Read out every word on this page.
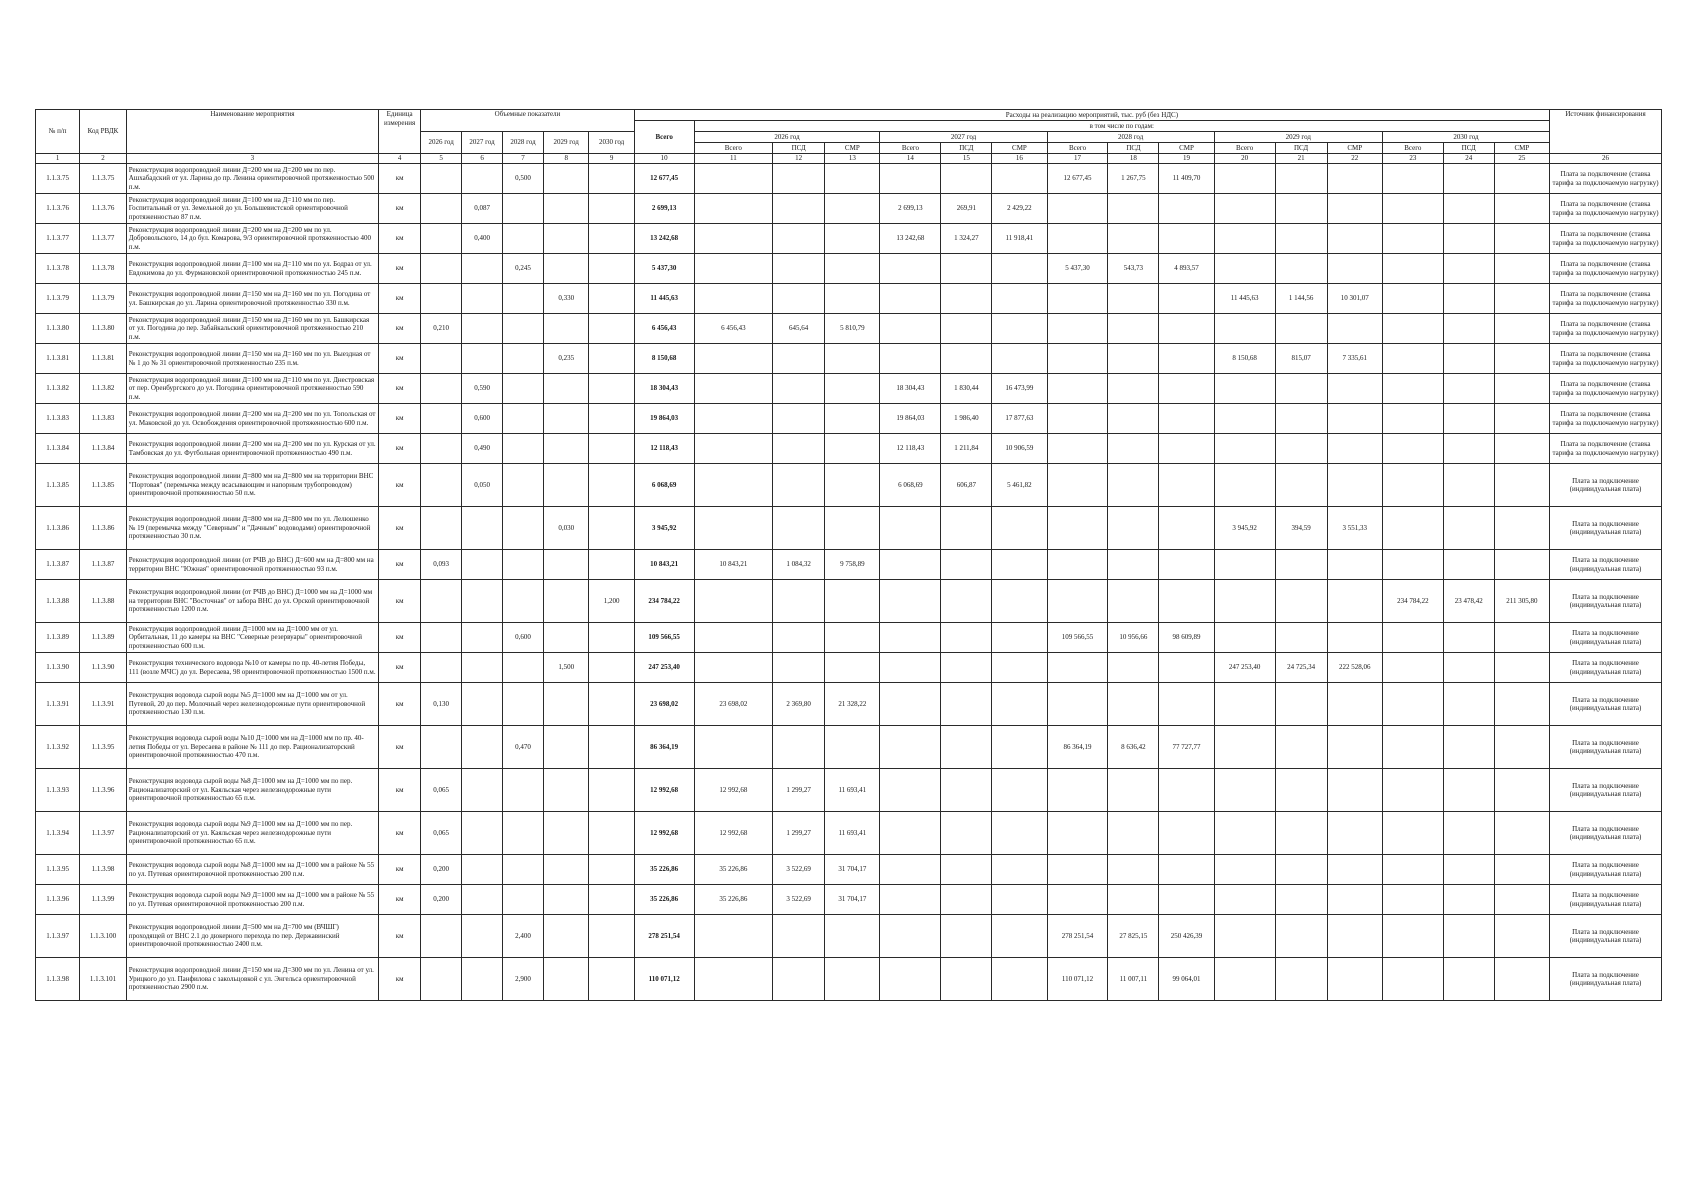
№ п/п	Код РВДК	Наименование мероприятия	Единица измерения	Объемные показатели					Расходы на реализацию мероприятий, тыс. руб (без НДС)																Источник финансирования
									Всего	в том числе по годам:															
				2026 год	2027 год	2028 год	2029 год	2030 год		2026 год			2027 год			2028 год			2029 год			2030 год			
										Всего	ПСД	СМР	Всего	ПСД	СМР	Всего	ПСД	СМР	Всего	ПСД	СМР	Всего	ПСД	СМР	
1	2	3	4	5	6	7	8	9	10	11	12	13	14	15	16	17	18	19	20	21	22	23	24	25	26
1.1.3.75	1.1.3.75	Реконструкция водопроводной линии Д=200 мм на Д=200 мм по пер. Ашхабадский от ул. Ларина до пр. Ленина ориентировочной протяженностью 500 п.м.	км			0,500			12 677,45							12 677,45	1 267,75	11 409,70							Плата за подключение (ставка тарифа за подключаемую нагрузку)
1.1.3.76	1.1.3.76	Реконструкция водопроводной линии Д=100 мм на Д=110 мм по пер. Госпитальный от ул. Земельной до ул. Большевистской ориентировочной протяженностью 87 п.м.	км		0,087				2 699,13				2 699,13	269,91	2 429,22										Плата за подключение (ставка тарифа за подключаемую нагрузку)
1.1.3.77	1.1.3.77	Реконструкция водопроводной линии Д=200 мм на Д=200 мм по ул. Добровольского, 14 до бул. Комарова, 9/3 ориентировочной протяженностью 400 п.м.	км		0,400				13 242,68				13 242,68	1 324,27	11 918,41										Плата за подключение (ставка тарифа за подключаемую нагрузку)
1.1.3.78	1.1.3.78	Реконструкция водопроводной линии Д=100 мм на Д=110 мм по ул. Бодраз от ул. Евдокимова до ул. Фурмановской ориентировочной протяженностью 245 п.м.	км			0,245			5 437,30							5 437,30	543,73	4 893,57							Плата за подключение (ставка тарифа за подключаемую нагрузку)
1.1.3.79	1.1.3.79	Реконструкция водопроводной линии Д=150 мм на Д=160 мм по ул. Погодина от ул. Башкирская до ул. Ларина ориентировочной протяженностью 330 п.м.	км				0,330		11 445,63										11 445,63	1 144,56	10 301,07				Плата за подключение (ставка тарифа за подключаемую нагрузку)
1.1.3.80	1.1.3.80	Реконструкция водопроводной линии Д=150 мм на Д=160 мм по ул. Башкирская от ул. Погодина до пер. Забайкальский ориентировочной протяженностью 210 п.м.	км	0,210					6 456,43	6 456,43	645,64	5 810,79													Плата за подключение (ставка тарифа за подключаемую нагрузку)
1.1.3.81	1.1.3.81	Реконструкция водопроводной линии Д=150 мм на Д=160 мм по ул. Выездная от № 1 до № 31 ориентировочной протяженностью 235 п.м.	км				0,235		8 150,68										8 150,68	815,07	7 335,61				Плата за подключение (ставка тарифа за подключаемую нагрузку)
1.1.3.82	1.1.3.82	Реконструкция водопроводной линии Д=100 мм на Д=110 мм по ул. Днестровская от пер. Оренбургского до ул. Погодина ориентировочной протяженностью 590 п.м.	км		0,590				18 304,43				18 304,43	1 830,44	16 473,99										Плата за подключение (ставка тарифа за подключаемую нагрузку)
1.1.3.83	1.1.3.83	Реконструкция водопроводной линии Д=200 мм на Д=200 мм по ул. Топольская от ул. Маковской до ул. Освобождения ориентировочной протяженностью 600 п.м.	км		0,600				19 864,03				19 864,03	1 986,40	17 877,63										Плата за подключение (ставка тарифа за подключаемую нагрузку)
1.1.3.84	1.1.3.84	Реконструкция водопроводной линии Д=200 мм на Д=200 мм по ул. Курская от ул. Тамбовская до ул. Футбольная ориентировочной протяженностью 490 п.м.	км		0,490				12 118,43				12 118,43	1 211,84	10 906,59										Плата за подключение (ставка тарифа за подключаемую нагрузку)
1.1.3.85	1.1.3.85	Реконструкция водопроводной линии Д=800 мм на Д=800 мм на территории ВНС "Портовая" (перемычка между всасывающим и напорным трубопроводом) ориентировочной протяженностью 50 п.м.	км		0,050				6 068,69				6 068,69	606,87	5 461,82										Плата за подключение (индивидуальная плата)
1.1.3.86	1.1.3.86	Реконструкция водопроводной линии Д=800 мм на Д=800 мм по ул. Лелюшенко № 19 (перемычка между "Северным" и "Дачным" водоводами) ориентировочной протяженностью 30 п.м.	км				0,030		3 945,92										3 945,92	394,59	3 551,33				Плата за подключение (индивидуальная плата)
1.1.3.87	1.1.3.87	Реконструкция водопроводной линии (от РЧВ до ВНС) Д=600 мм на Д=800 мм на территории ВНС "Южная" ориентировочной протяженностью 93 п.м.	км	0,093					10 843,21	10 843,21	1 084,32	9 758,89													Плата за подключение (индивидуальная плата)
1.1.3.88	1.1.3.88	Реконструкция водопроводной линии (от РЧВ до ВНС) Д=1000 мм на Д=1000 мм на территории ВНС "Восточная" от забора ВНС до ул. Орской ориентировочной протяженностью 1200 п.м.	км					1,200	234 784,22													234 784,22	23 478,42	211 305,80	Плата за подключение (индивидуальная плата)
1.1.3.89	1.1.3.89	Реконструкция водопроводной линии Д=1000 мм на Д=1000 мм от ул. Орбитальная, 11 до камеры на ВНС "Северные резервуары" ориентировочной протяженностью 600 п.м.	км			0,600			109 566,55							109 566,55	10 956,66	98 609,89							Плата за подключение (индивидуальная плата)
1.1.3.90	1.1.3.90	Реконструкция технического водовода №10 от камеры по пр. 40-летия Победы, 111 (возле МЧС) до ул. Вересаева, 98 ориентировочной протяженностью 1500 п.м.	км				1,500		247 253,40										247 253,40	24 725,34	222 528,06				Плата за подключение (индивидуальная плата)
1.1.3.91	1.1.3.91	Реконструкция водовода сырой воды №5 Д=1000 мм на Д=1000 мм от ул. Путевой, 20 до пер. Молочный через железнодорожные пути ориентировочной протяженностью 130 п.м.	км	0,130					23 698,02	23 698,02	2 369,80	21 328,22													Плата за подключение (индивидуальная плата)
1.1.3.92	1.1.3.95	Реконструкция водовода сырой воды №10 Д=1000 мм на Д=1000 мм по пр. 40-летия Победы от ул. Вересаева в районе № 111 до пер. Рационализаторский ориентировочной протяженностью 470 п.м.	км			0,470			86 364,19							86 364,19	8 636,42	77 727,77							Плата за подключение (индивидуальная плата)
1.1.3.93	1.1.3.96	Реконструкция водовода сырой воды №8 Д=1000 мм на Д=1000 мм по пер. Рационализаторский от ул. Каяльская через железнодорожные пути ориентировочной протяженностью 65 п.м.	км	0,065					12 992,68	12 992,68	1 299,27	11 693,41													Плата за подключение (индивидуальная плата)
1.1.3.94	1.1.3.97	Реконструкция водовода сырой воды №9 Д=1000 мм на Д=1000 мм по пер. Рационализаторский от ул. Каяльская через железнодорожные пути ориентировочной протяженностью 65 п.м.	км	0,065					12 992,68	12 992,68	1 299,27	11 693,41													Плата за подключение (индивидуальная плата)
1.1.3.95	1.1.3.98	Реконструкция водовода сырой воды №8 Д=1000 мм на Д=1000 мм в районе № 55 по ул. Путевая ориентировочной протяженностью 200 п.м.	км	0,200					35 226,86	35 226,86	3 522,69	31 704,17													Плата за подключение (индивидуальная плата)
1.1.3.96	1.1.3.99	Реконструкция водовода сырой воды №9 Д=1000 мм на Д=1000 мм в районе № 55 по ул. Путевая ориентировочной протяженностью 200 п.м.	км	0,200					35 226,86	35 226,86	3 522,69	31 704,17													Плата за подключение (индивидуальная плата)
1.1.3.97	1.1.3.100	Реконструкция водопроводной линии Д=500 мм на Д=700 мм (ВЧШГ) проходящей от ВНС 2.1 до дюкерного перехода по пер. Державинский ориентировочной протяженностью 2400 п.м.	км			2,400			278 251,54							278 251,54	27 825,15	250 426,39							Плата за подключение (индивидуальная плата)
1.1.3.98	1.1.3.101	Реконструкция водопроводной линии Д=150 мм на Д=300 мм по ул. Ленина от ул. Урицкого до ул. Панфилова с закольцовкой с ул. Энгельса ориентировочной протяженностью 2900 п.м.	км			2,900			110 071,12							110 071,12	11 007,11	99 064,01							Плата за подключение (индивидуальная плата)
